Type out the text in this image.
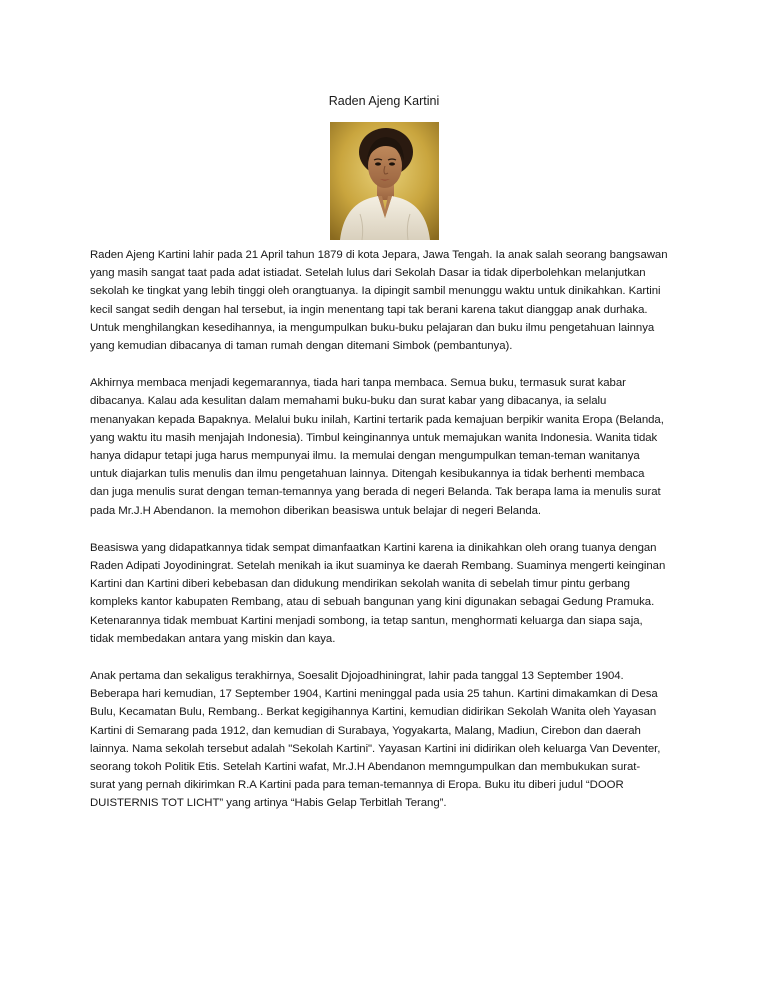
Raden Ajeng Kartini

Raden Ajeng Kartini lahir pada 21 April tahun 1879 di kota Jepara, Jawa Tengah. Ia anak salah seorang bangsawan
yang masih sangat taat pada adat istiadat. Setelah lulus dari Sekolah Dasar ia tidak diperbolehkan melanjutkan
sekolah ke tingkat yang lebih tinggi oleh orangtuanya. Ia dipingit sambil menunggu waktu untuk dinikahkan. Kartini
kecil sangat sedih dengan hal tersebut, ia ingin menentang tapi tak berani karena takut dianggap anak durhaka.
Untuk menghilangkan kesedihannya, ia mengumpulkan buku-buku pelajaran dan buku ilmu pengetahuan lainnya
yang kemudian dibacanya di taman rumah dengan ditemani Simbok (pembantunya).

Akhirnya membaca menjadi kegemarannya, tiada hari tanpa membaca. Semua buku, termasuk surat kabar
dibacanya. Kalau ada kesulitan dalam memahami buku-buku dan surat kabar yang dibacanya, ia selalu
menanyakan kepada Bapaknya. Melalui buku inilah, Kartini tertarik pada kemajuan berpikir wanita Eropa (Belanda,
yang waktu itu masih menjajah Indonesia). Timbul keinginannya untuk memajukan wanita Indonesia. Wanita tidak
hanya didapur tetapi juga harus mempunyai ilmu. Ia memulai dengan mengumpulkan teman-teman wanitanya
untuk diajarkan tulis menulis dan ilmu pengetahuan lainnya. Ditengah kesibukannya ia tidak berhenti membaca
dan juga menulis surat dengan teman-temannya yang berada di negeri Belanda. Tak berapa lama ia menulis surat
pada Mr.J.H Abendanon. Ia memohon diberikan beasiswa untuk belajar di negeri Belanda.

Beasiswa yang didapatkannya tidak sempat dimanfaatkan Kartini karena ia dinikahkan oleh orang tuanya dengan
Raden Adipati Joyodiningrat. Setelah menikah ia ikut suaminya ke daerah Rembang. Suaminya mengerti keinginan
Kartini dan Kartini diberi kebebasan dan didukung mendirikan sekolah wanita di sebelah timur pintu gerbang
kompleks kantor kabupaten Rembang, atau di sebuah bangunan yang kini digunakan sebagai Gedung Pramuka.
Ketenarannya tidak membuat Kartini menjadi sombong, ia tetap santun, menghormati keluarga dan siapa saja,
tidak membedakan antara yang miskin dan kaya.

Anak pertama dan sekaligus terakhirnya, Soesalit Djojoadhiningrat, lahir pada tanggal 13 September 1904.
Beberapa hari kemudian, 17 September 1904, Kartini meninggal pada usia 25 tahun. Kartini dimakamkan di Desa
Bulu, Kecamatan Bulu, Rembang.. Berkat kegigihannya Kartini, kemudian didirikan Sekolah Wanita oleh Yayasan
Kartini di Semarang pada 1912, dan kemudian di Surabaya, Yogyakarta, Malang, Madiun, Cirebon dan daerah
lainnya. Nama sekolah tersebut adalah "Sekolah Kartini". Yayasan Kartini ini didirikan oleh keluarga Van Deventer,
seorang tokoh Politik Etis. Setelah Kartini wafat, Mr.J.H Abendanon memngumpulkan dan membukukan surat-
surat yang pernah dikirimkan R.A Kartini pada para teman-temannya di Eropa. Buku itu diberi judul “DOOR
DUISTERNIS TOT LICHT” yang artinya “Habis Gelap Terbitlah Terang”.
